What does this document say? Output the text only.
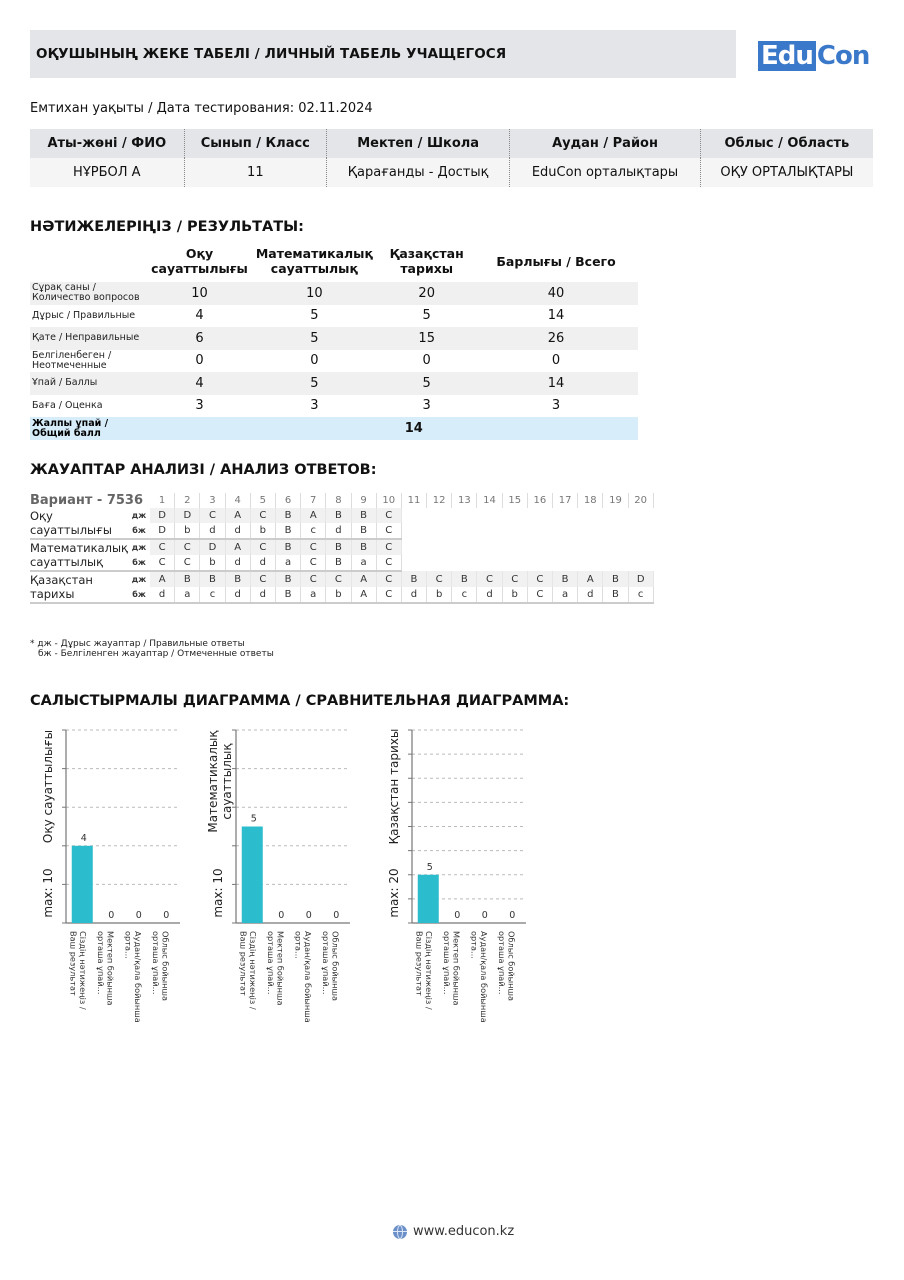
ОҚУШЫНЫҢ ЖЕКЕ ТАБЕЛІ / ЛИЧНЫЙ ТАБЕЛЬ УЧАЩЕГОСЯ	Edu Con
Емтихан уақыты / Дата тестирования: 02.11.2024
Аты-жөні / ФИО	Сынып / Класс	Мектеп / Школа	Аудан / Район	Облыс / Область
НҰРБОЛ А	11	Қарағанды - Достық	EduCon орталықтары	ОҚУ ОРТАЛЫҚТАРЫ
НӘТИЖЕЛЕРІҢІЗ / РЕЗУЛЬТАТЫ:
	Оқу сауаттылығы	Математикалық сауаттылық	Қазақстан тарихы	Барлығы / Всего
Сұрақ саны / Количество вопросов	10	10	20	40
Дұрыс / Правильные	4	5	5	14
Қате / Неправильные	6	5	15	26
Белгіленбеген / Неотмеченные	0	0	0	0
Ұпай / Баллы	4	5	5	14
Баға / Оценка	3	3	3	3
Жалпы ұпай / Общий балл	14			
ЖАУАПТАР АНАЛИЗІ / АНАЛИЗ ОТВЕТОВ:
Вариант - 7536		1	2	3	4	5	6	7	8	9	10	11	12	13	14	15	16	17	18	19	20
Оқу сауаттылығы	дж	D	D	C	A	C	B	A	B	B	C										
	бж	D	b	d	d	b	B	c	d	B	C										
Математикалық сауаттылық	дж	C	C	D	A	C	B	C	B	B	C										
	бж	C	C	b	d	d	a	C	B	a	C										
Қазақстан тарихы	дж	A	B	B	B	C	B	C	C	A	C	B	C	B	C	C	C	B	A	B	D
	бж	d	a	c	d	d	B	a	b	A	C	d	b	c	d	b	C	a	d	B	c
* дж - Дұрыс жауаптар / Правильные ответы
бж - Белгіленген жауаптар / Отмеченные ответы
САЛЫСТЫРМАЛЫ ДИАГРАММА / СРАВНИТЕЛЬНАЯ ДИАГРАММА:
Оқу сауаттылығы
max: 10
4
Сіздің нәтижеңіз /Ваш результат
0
Мектеп бойыншаорташа ұпай...
0
Аудан/қала бойыншаорта...
0
Облыс бойыншаорташа ұпай...
Математикалықсауаттылық
max: 10
5
Сіздің нәтижеңіз /Ваш результат
0
Мектеп бойыншаорташа ұпай...
0
Аудан/қала бойыншаорта...
0
Облыс бойыншаорташа ұпай...
Қазақстан тарихы
max: 20
5
Сіздің нәтижеңіз /Ваш результат
0
Мектеп бойыншаорташа ұпай...
0
Аудан/қала бойыншаорта...
0
Облыс бойыншаорташа ұпай...
www.educon.kz
